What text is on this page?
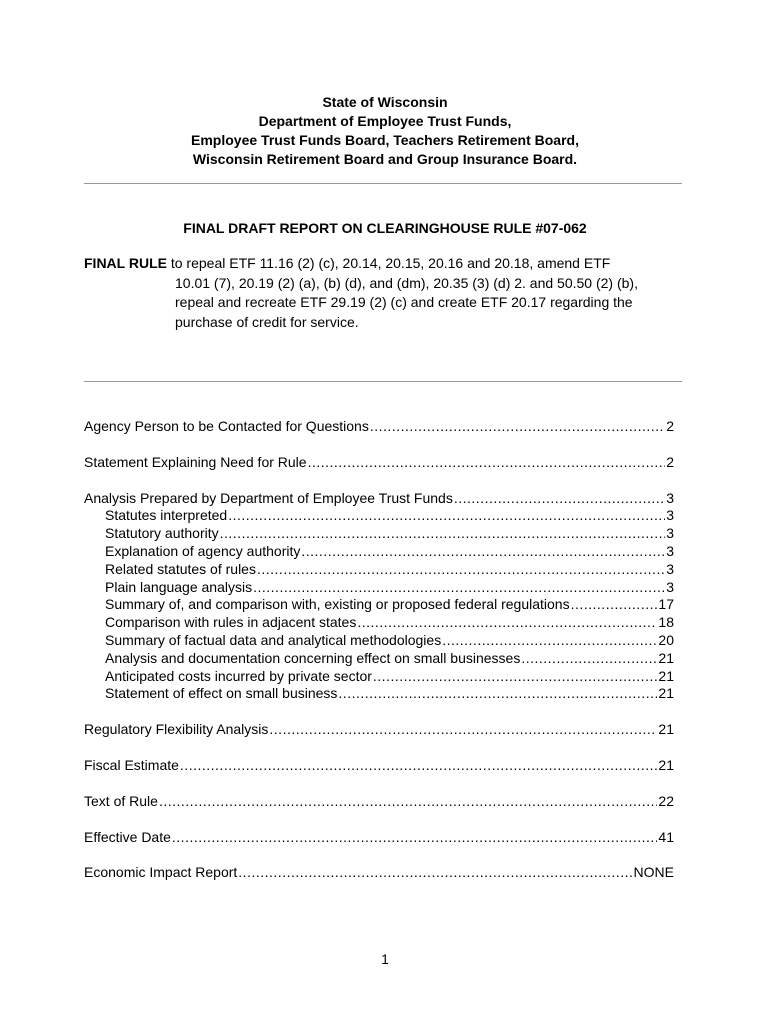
State of Wisconsin
Department of Employee Trust Funds,
Employee Trust Funds Board, Teachers Retirement Board,
Wisconsin Retirement Board and Group Insurance Board.
FINAL DRAFT REPORT ON CLEARINGHOUSE RULE #07-062
FINAL RULE to repeal ETF 11.16 (2) (c), 20.14, 20.15, 20.16 and 20.18, amend ETF
10.01 (7), 20.19 (2) (a), (b) (d), and (dm), 20.35 (3) (d) 2. and 50.50 (2) (b),
repeal and recreate ETF 29.19 (2) (c) and create ETF 20.17 regarding the
purchase of credit for service.
Agency Person to be Contacted for Questions .....	2
Statement Explaining Need for Rule .....	2
Analysis Prepared by Department of Employee Trust Funds .....	3
Statutes interpreted .....	3
Statutory authority .....	3
Explanation of agency authority .....	3
Related statutes of rules .....	3
Plain language analysis .....	3
Summary of, and comparison with, existing or proposed federal regulations .....	17
Comparison with rules in adjacent states .....	18
Summary of factual data and analytical methodologies .....	20
Analysis and documentation concerning effect on small businesses .....	21
Anticipated costs incurred by private sector .....	21
Statement of effect on small business .....	21
Regulatory Flexibility Analysis .....	21
Fiscal Estimate .....	21
Text of Rule .....	22
Effective Date .....	41
Economic Impact Report .....	NONE
1
